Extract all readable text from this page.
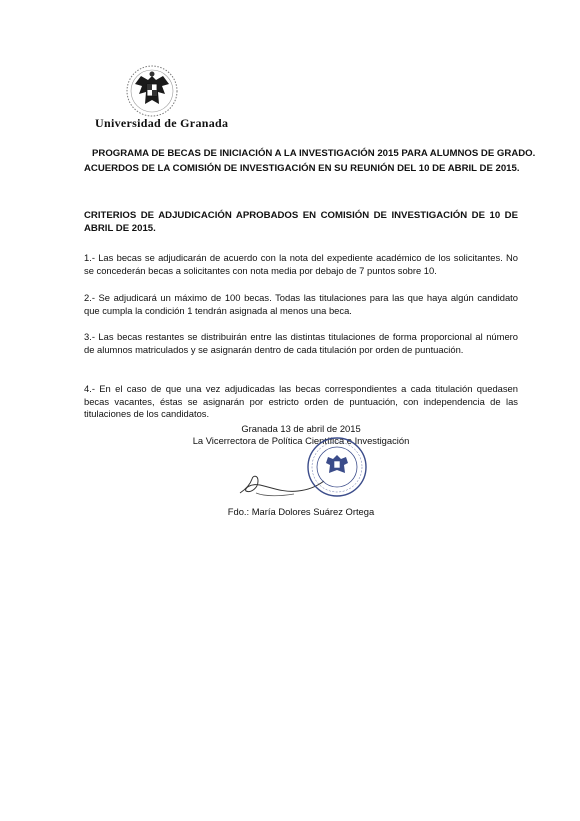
Universidad de Granada
PROGRAMA DE BECAS DE INICIACIÓN A LA INVESTIGACIÓN 2015 PARA ALUMNOS DE GRADO.
ACUERDOS DE LA COMISIÓN DE INVESTIGACIÓN EN SU REUNIÓN DEL 10 DE ABRIL DE 2015.
CRITERIOS DE ADJUDICACIÓN APROBADOS EN COMISIÓN DE INVESTIGACIÓN DE 10 DE ABRIL DE 2015.

1.- Las becas se adjudicarán de acuerdo con la nota del expediente académico de los solicitantes. No se concederán becas a solicitantes con nota media por debajo de 7 puntos sobre 10.

2.- Se adjudicará un máximo de 100 becas. Todas las titulaciones para las que haya algún candidato que cumpla la condición 1 tendrán asignada al menos una beca.

3.- Las becas restantes se distribuirán entre las distintas titulaciones de forma proporcional al número de alumnos matriculados y se asignarán dentro de cada titulación por orden de puntuación.

4.- En el caso de que una vez adjudicadas las becas correspondientes a cada titulación quedasen becas vacantes, éstas se asignarán por estricto orden de puntuación, con independencia de las titulaciones de los candidatos.

Granada 13 de abril de 2015
La Vicerrectora de Política Científica e Investigación
Fdo.: María Dolores Suárez Ortega
